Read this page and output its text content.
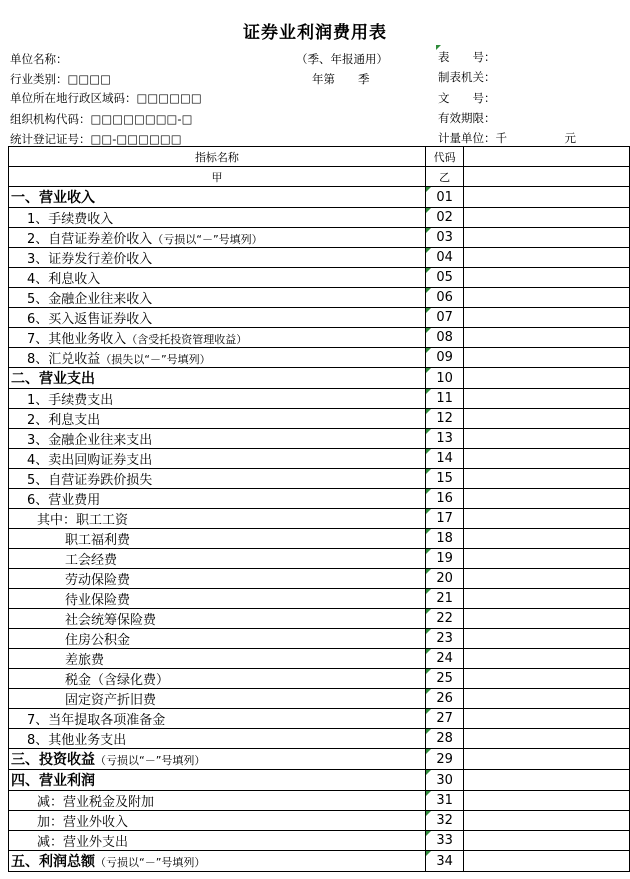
证券业利润费用表
单位名称：
行业类别：□□□□
单位所在地行政区域码：□□□□□□
组织机构代码：□□□□□□□□-□
统计登记证号：□□-□□□□□□
（季、年报通用）
年第　　季
表　　号：
制表机关：
文　　号：
有效期限：
计量单位：千　　　　　元
指标名称	代码	
甲	乙	
一、营业收入	01	
1、手续费收入	02	
2、自营证券差价收入（亏损以“－”号填列）	03	
3、证券发行差价收入	04	
4、利息收入	05	
5、金融企业往来收入	06	
6、买入返售证券收入	07	
7、其他业务收入（含受托投资管理收益）	08	
8、汇兑收益（损失以“－”号填列）	09	
二、营业支出	10	
1、手续费支出	11	
2、利息支出	12	
3、金融企业往来支出	13	
4、卖出回购证券支出	14	
5、自营证券跌价损失	15	
6、营业费用	16	
其中：职工工资	17	
职工福利费	18	
工会经费	19	
劳动保险费	20	
待业保险费	21	
社会统筹保险费	22	
住房公积金	23	
差旅费	24	
税金（含绿化费）	25	
固定资产折旧费	26	
7、当年提取各项准备金	27	
8、其他业务支出	28	
三、投资收益（亏损以“－”号填列）	29	
四、营业利润	30	
减：营业税金及附加	31	
加：营业外收入	32	
减：营业外支出	33	
五、利润总额（亏损以“－”号填列）	34	
